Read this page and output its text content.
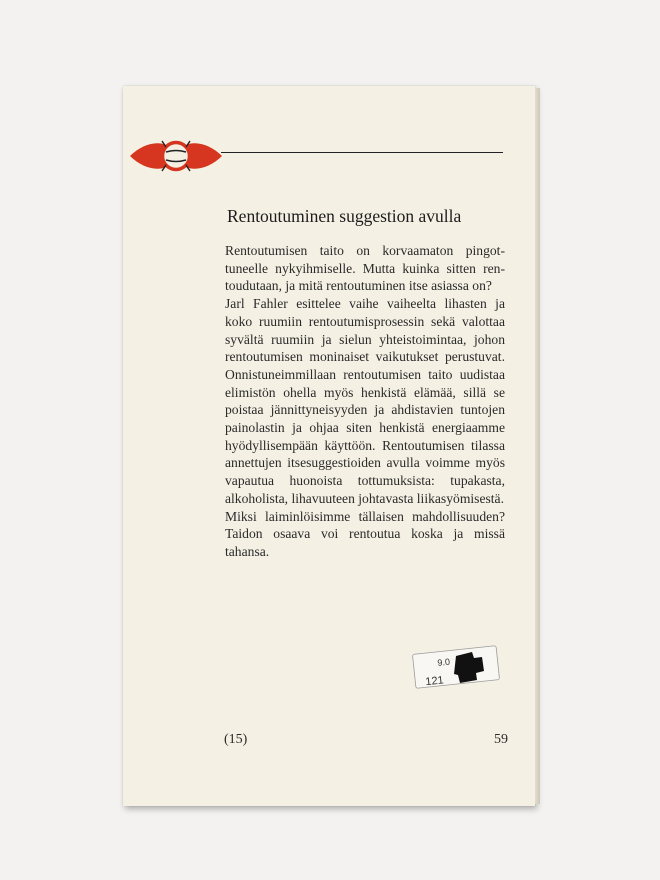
Rentoutuminen suggestion avulla

Rentoutumisen taito on korvaamaton pingottuneelle nykyihmiselle. Mutta kuinka sitten rentoudutaan, ja mitä rentoutuminen itse asiassa on?

Jarl Fahler esittelee vaihe vaiheelta lihasten ja koko ruumiin rentoutumisprosessin sekä valottaa syvältä ruumiin ja sielun yhteistoimintaa, johon rentoutumisen moninaiset vaikutukset perustuvat. Onnistuneimmillaan rentoutumisen taito uudistaa elimistön ohella myös henkistä elämää, sillä se poistaa jännittyneisyyden ja ahdistavien tuntojen painolastin ja ohjaa siten henkistä energiaamme hyödyllisempään käyttöön. Rentoutumisen tilassa annettujen itsesuggestioiden avulla voimme myös vapautua huonoista tottumuksista: tupakasta, alkoholista, lihavuuteen johtavasta liikasyömisestä.

Miksi laiminlöisimme tällaisen mahdollisuuden? Taidon osaava voi rentoutua koska ja missä tahansa.

9.0
121
(15)	59
